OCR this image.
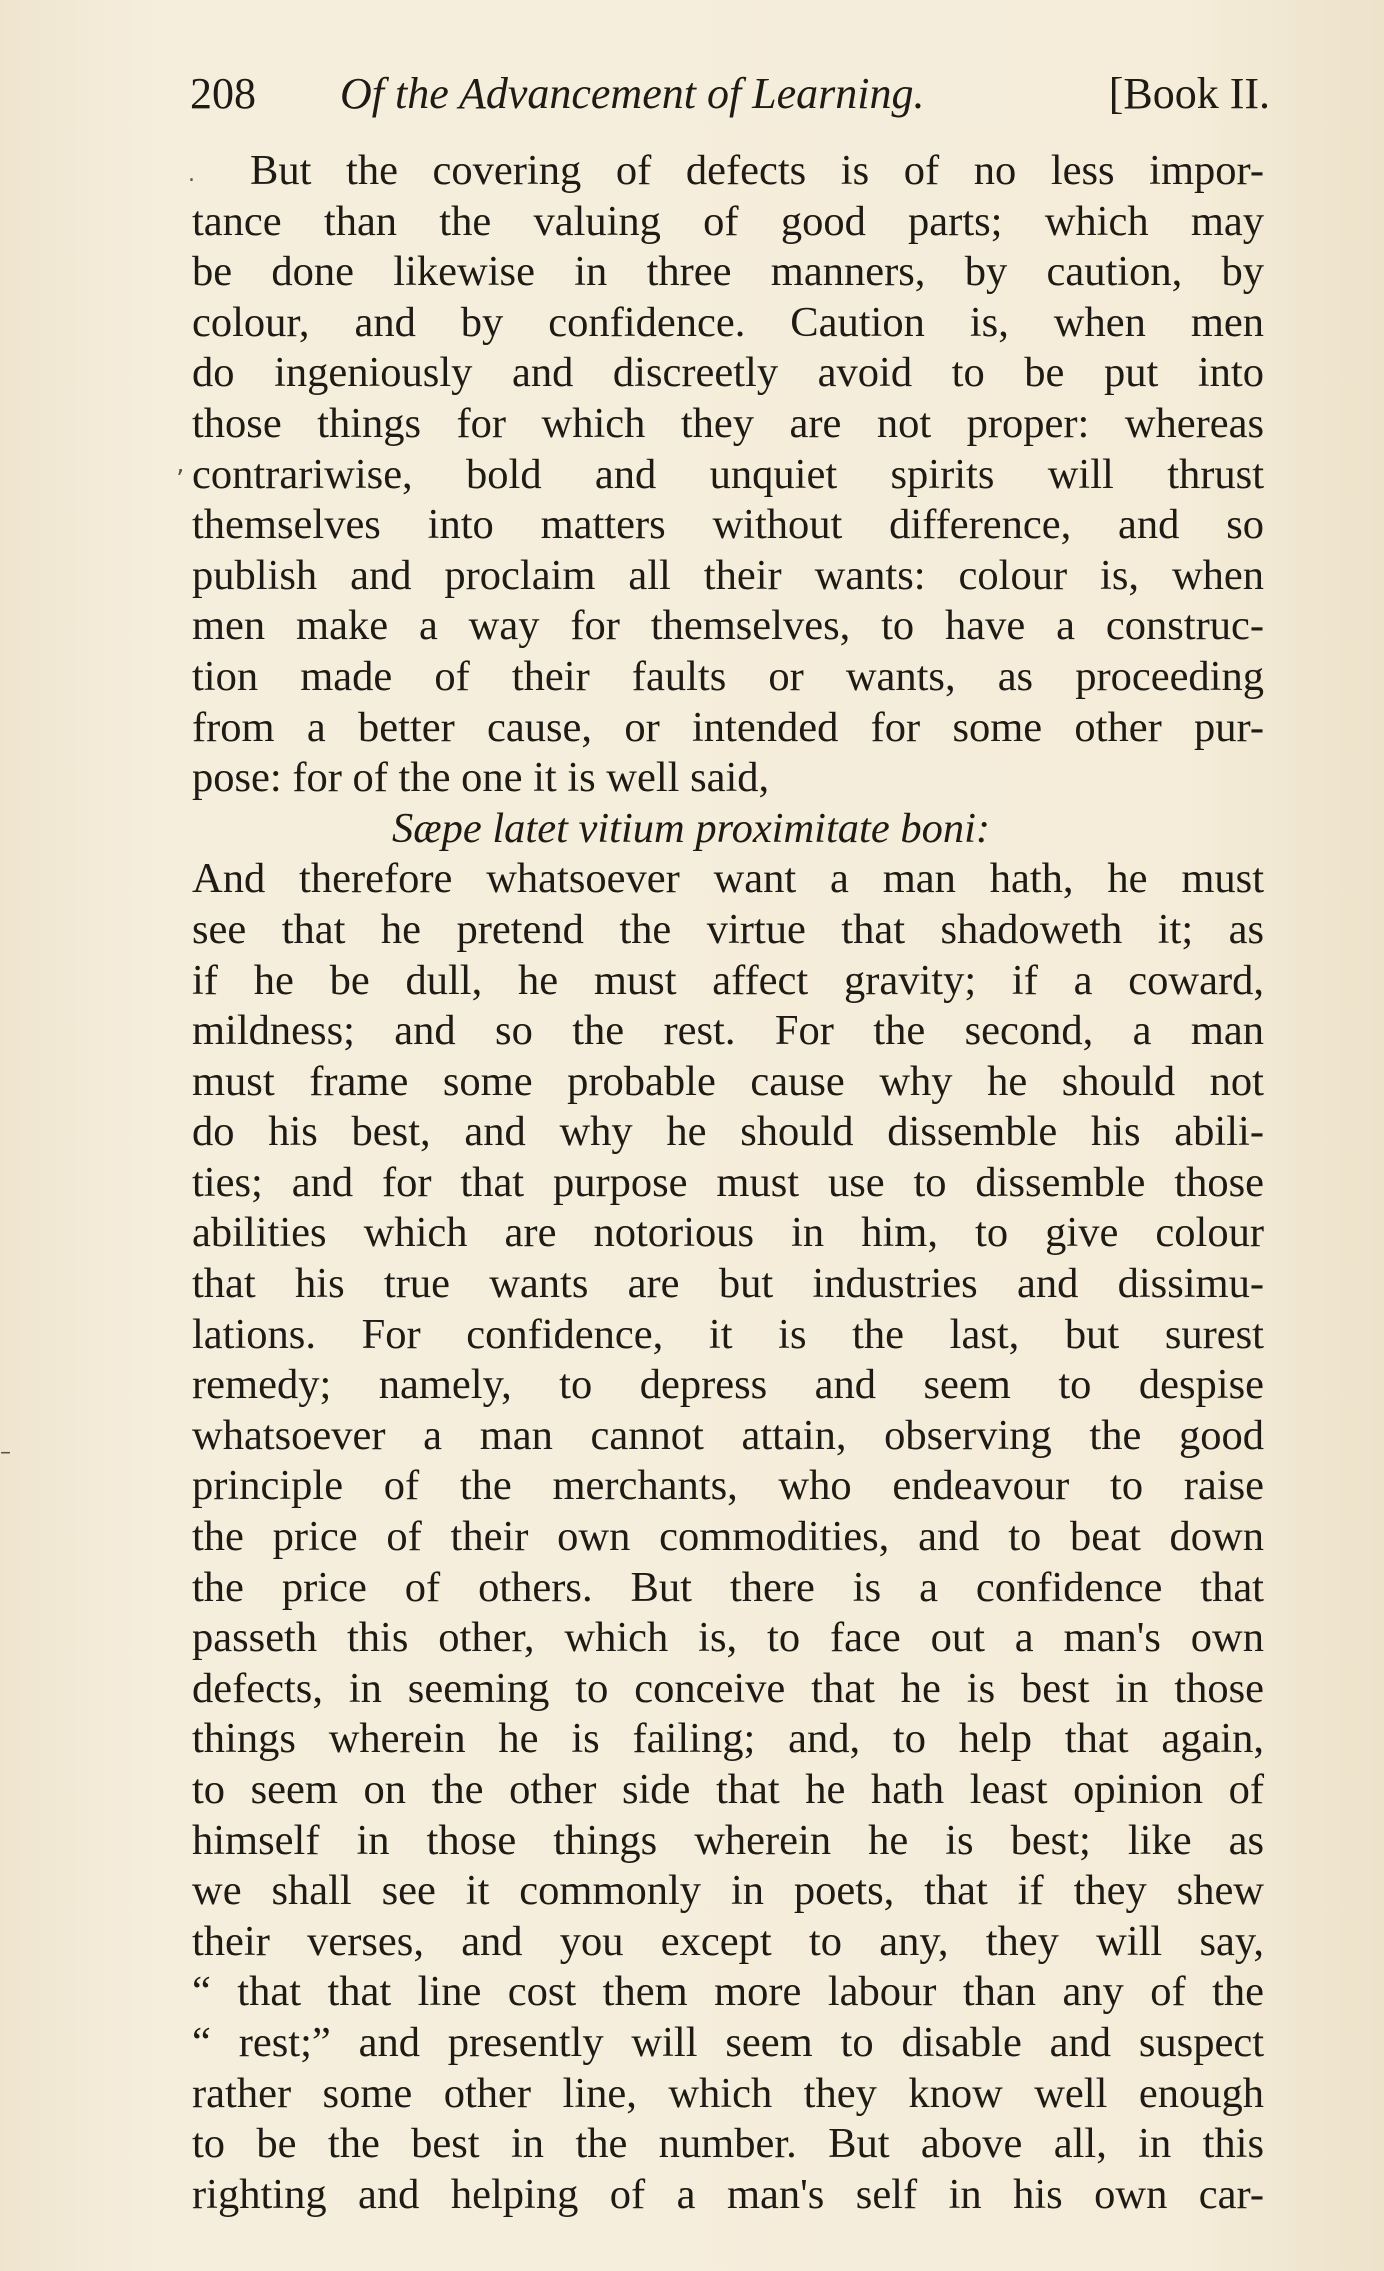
208 Of the Advancement of Learning.	[Book II.
.
ʼ
–
But the covering of defects is of no less impor-
tance than the valuing of good parts; which may
be done likewise in three manners, by caution, by
colour, and by confidence. Caution is, when men
do ingeniously and discreetly avoid to be put into
those things for which they are not proper: whereas
contrariwise, bold and unquiet spirits will thrust
themselves into matters without difference, and so
publish and proclaim all their wants: colour is, when
men make a way for themselves, to have a construc-
tion made of their faults or wants, as proceeding
from a better cause, or intended for some other pur-
pose: for of the one it is well said,
Sæpe latet vitium proximitate boni:
And therefore whatsoever want a man hath, he must
see that he pretend the virtue that shadoweth it; as
if he be dull, he must affect gravity; if a coward,
mildness; and so the rest. For the second, a man
must frame some probable cause why he should not
do his best, and why he should dissemble his abili-
ties; and for that purpose must use to dissemble those
abilities which are notorious in him, to give colour
that his true wants are but industries and dissimu-
lations. For confidence, it is the last, but surest
remedy; namely, to depress and seem to despise
whatsoever a man cannot attain, observing the good
principle of the merchants, who endeavour to raise
the price of their own commodities, and to beat down
the price of others. But there is a confidence that
passeth this other, which is, to face out a man's own
defects, in seeming to conceive that he is best in those
things wherein he is failing; and, to help that again,
to seem on the other side that he hath least opinion of
himself in those things wherein he is best; like as
we shall see it commonly in poets, that if they shew
their verses, and you except to any, they will say,
“ that that line cost them more labour than any of the
“ rest;” and presently will seem to disable and suspect
rather some other line, which they know well enough
to be the best in the number. But above all, in this
righting and helping of a man's self in his own car-
